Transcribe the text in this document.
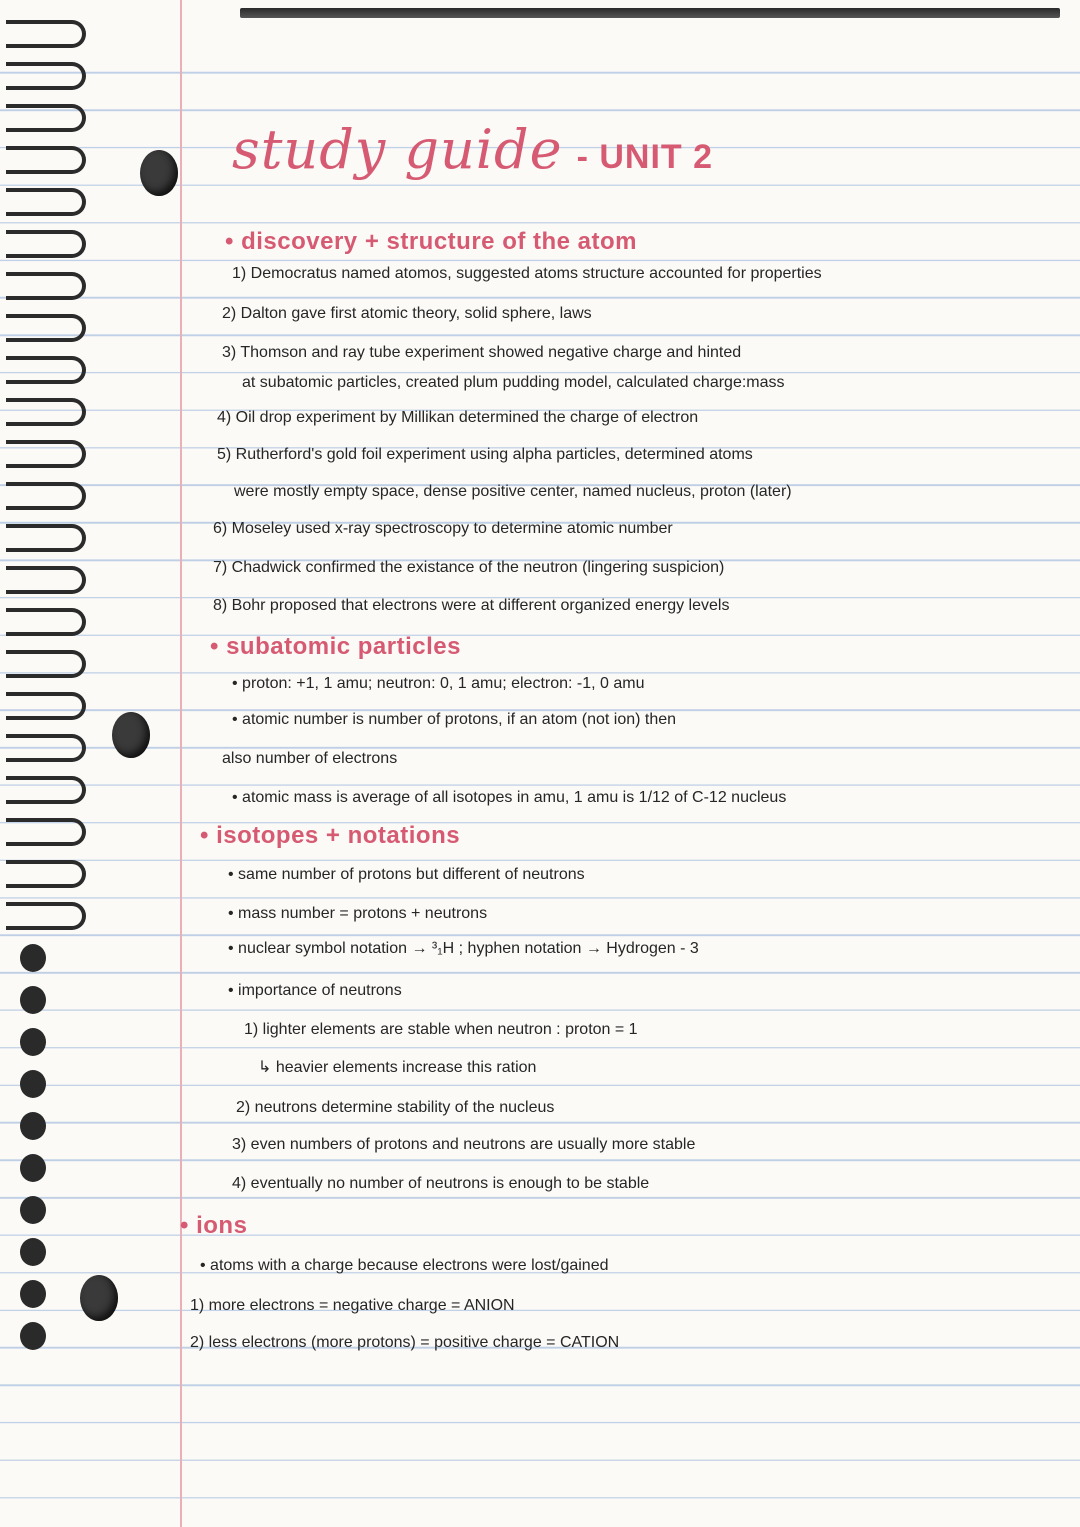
study guide - UNIT 2
• discovery + structure of the atom
1) Democratus named atomos, suggested atoms structure accounted for properties
2) Dalton gave first atomic theory, solid sphere, laws
3) Thomson and ray tube experiment showed negative charge and hinted
at subatomic particles, created plum pudding model, calculated charge:mass
4) Oil drop experiment by Millikan determined the charge of electron
5) Rutherford's gold foil experiment using alpha particles, determined atoms
were mostly empty space, dense positive center, named nucleus, proton (later)
6) Moseley used x-ray spectroscopy to determine atomic number
7) Chadwick confirmed the existance of the neutron (lingering suspicion)
8) Bohr proposed that electrons were at different organized energy levels
• subatomic particles
• proton: +1, 1 amu; neutron: 0, 1 amu; electron: -1, 0 amu
• atomic number is number of protons, if an atom (not ion) then
also number of electrons
• atomic mass is average of all isotopes in amu, 1 amu is 1/12 of C-12 nucleus
• isotopes + notations
• same number of protons but different of neutrons
• mass number = protons + neutrons
• nuclear symbol notation → ³₁H ; hyphen notation → Hydrogen - 3
• importance of neutrons
1) lighter elements are stable when neutron : proton = 1
↳ heavier elements increase this ration
2) neutrons determine stability of the nucleus
3) even numbers of protons and neutrons are usually more stable
4) eventually no number of neutrons is enough to be stable
• ions
• atoms with a charge because electrons were lost/gained
1) more electrons = negative charge = ANION
2) less electrons (more protons) = positive charge = CATION
